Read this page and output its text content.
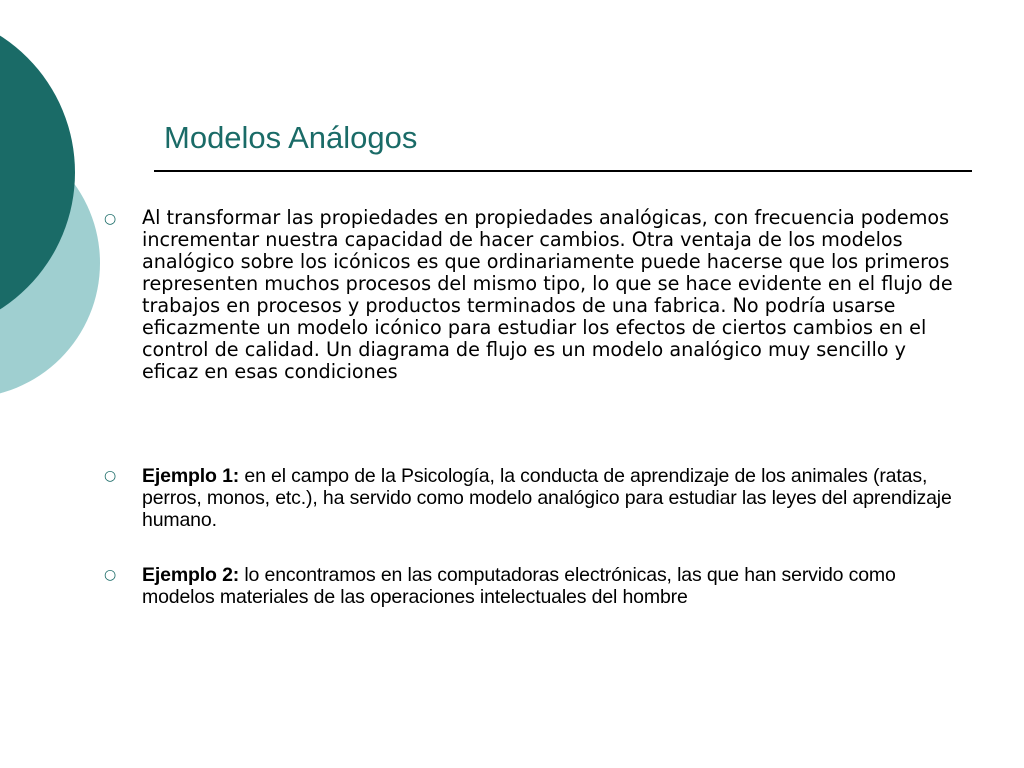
Modelos Análogos
○ Al transformar las propiedades en propiedades analógicas, con frecuencia podemos incrementar nuestra capacidad de hacer cambios. Otra ventaja de los modelos analógico sobre los icónicos es que ordinariamente puede hacerse que los primeros representen muchos procesos del mismo tipo, lo que se hace evidente en el flujo de trabajos en procesos y productos terminados de una fabrica. No podría usarse eficazmente un modelo icónico para estudiar los efectos de ciertos cambios en el control de calidad. Un diagrama de flujo es un modelo analógico muy sencillo y eficaz en esas condiciones
○ Ejemplo 1: en el campo de la Psicología, la conducta de aprendizaje de los animales (ratas, perros, monos, etc.), ha servido como modelo analógico para estudiar las leyes del aprendizaje humano.
○ Ejemplo 2: lo encontramos en las computadoras electrónicas, las que han servido como modelos materiales de las operaciones intelectuales del hombre
